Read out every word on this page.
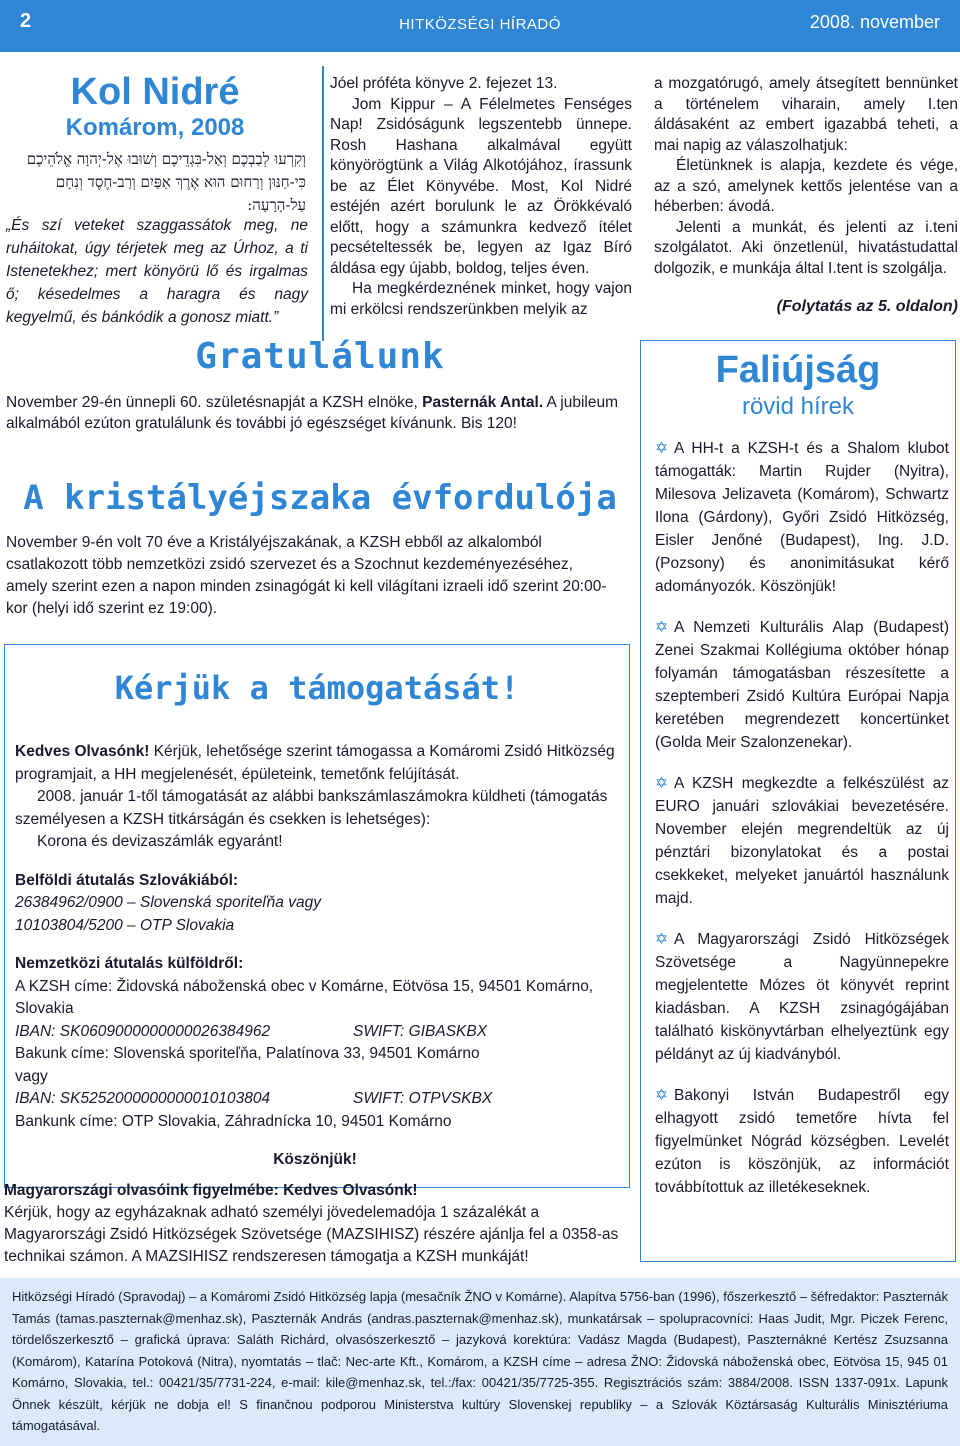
2	HITKÖZSÉGI HÍRADÓ	2008. november
Kol Nidré
Komárom, 2008
וְקִרְעוּ לְבַבְכֶם וְאַל-בִּגְדֵיכֶם וְשׁוּבוּ אֶל-יְהוָה אֱלֹהֵיכֶם כִּי-חַנּוּן וְרַחוּם הוּא אֶרֶךְ אַפַּיִם וְרַב-חֶסֶד וְנִחָם עַל-הָרָעָה:
„És szí veteket szaggassátok meg, ne ruháitokat, úgy térjetek meg az Úrhoz, a ti Istenetekhez; mert könyörü lő és irgalmas ő; késedelmes a haragra és nagy kegyelmű, és bánkódik a gonosz miatt.”

Jóel próféta könyve 2. fejezet 13.

Jom Kippur – A Félelmetes Fenséges Nap! Zsidóságunk legszentebb ünnepe. Rosh Hashana alkalmával együtt könyörögtünk a Világ Alkotójához, írassunk be az Élet Könyvébe. Most, Kol Nidré estéjén azért borulunk le az Örökkévaló előtt, hogy a számunkra kedvező ítélet pecsételtessék be, legyen az Igaz Bíró áldása egy újabb, boldog, teljes éven.

Ha megkérdeznének minket, hogy vajon mi erkölcsi rendszerünkben melyik az

a mozgatórugó, amely átsegített bennünket a történelem viharain, amely I.ten áldásaként az embert igazabbá teheti, a mai napig az válaszolhatjuk:

Életünknek is alapja, kezdete és vége, az a szó, amelynek kettős jelentése van a héberben: ávodá.

Jelenti a munkát, és jelenti az i.teni szolgálatot. Aki önzetlenül, hivatástudattal dolgozik, e munkája által I.tent is szolgálja.

(Folytatás az 5. oldalon)
Gratulálunk
November 29-én ünnepli 60. születésnapját a KZSH elnöke, Pasternák Antal. A jubileum alkalmából ezúton gratulálunk és további jó egészséget kívánunk. Bis 120!
A kristályéjszaka évfordulója
November 9-én volt 70 éve a Kristályéjszakának, a KZSH ebből az alkalomból csatlakozott több nemzetközi zsidó szervezet és a Szochnut kezdeményezéséhez, amely szerint ezen a napon minden zsinagógát ki kell világítani izraeli idő szerint 20:00-kor (helyi idő szerint ez 19:00).
Kérjük a támogatását!

Kedves Olvasónk! Kérjük, lehetősége szerint támogassa a Komáromi Zsidó Hitközség programjait, a HH megjelenését, épületeink, temetőnk felújítását.

2008. január 1-től támogatását az alábbi bankszámlaszámokra küldheti (támogatás személyesen a KZSH titkárságán és csekken is lehetséges):

Korona és devizaszámlák egyaránt!

Belföldi átutalás Szlovákiából:

26384962/0900 – Slovenská sporiteľňa vagy

10103804/5200 – OTP Slovakia

Nemzetközi átutalás külföldről:

A KZSH címe: Židovská náboženská obec v Komárne, Eötvösa 15, 94501 Komárno, Slovakia

IBAN: SK0609000000000026384962	SWIFT: GIBASKBX

Bakunk címe: Slovenská sporiteľňa, Palatínova 33, 94501 Komárno

vagy

IBAN: SK5252000000000010103804	SWIFT: OTPVSKBX

Bankunk címe: OTP Slovakia, Záhradnícka 10, 94501 Komárno

Köszönjük!

Magyarországi olvasóink figyelmébe: Kedves Olvasónk!
Kérjük, hogy az egyházaknak adható személyi jövedelemadója 1 százalékát a Magyarországi Zsidó Hitközségek Szövetsége (MAZSIHISZ) részére ajánlja fel a 0358-as technikai számon. A MAZSIHISZ rendszeresen támogatja a KZSH munkáját!
Faliújság
rövid hírek
✡ A HH-t a KZSH-t és a Shalom klubot támogatták: Martin Rujder (Nyitra), Milesova Jelizaveta (Komárom), Schwartz Ilona (Gárdony), Győri Zsidó Hitközség, Eisler Jenőné (Budapest), Ing. J.D. (Pozsony) és anonimitásukat kérő adományozók. Köszönjük!
✡ A Nemzeti Kulturális Alap (Budapest) Zenei Szakmai Kollégiuma október hónap folyamán támogatásban részesítette a szeptemberi Zsidó Kultúra Európai Napja keretében megrendezett koncertünket (Golda Meir Szalonzenekar).
✡ A KZSH megkezdte a felkészülést az EURO januári szlovákiai bevezetésére. November elején megrendeltük az új pénztári bizonylatokat és a postai csekkeket, melyeket januártól használunk majd.
✡ A Magyarországi Zsidó Hitközségek Szövetsége a Nagyünnepekre megjelentette Mózes öt könyvét reprint kiadásban. A KZSH zsinagógájában található kiskönyvtárban elhelyeztünk egy példányt az új kiadványból.
✡ Bakonyi István Budapestről egy elhagyott zsidó temetőre hívta fel figyelmünket Nógrád községben. Levelét ezúton is köszönjük, az információt továbbítottuk az illetékeseknek.
Hitközségi Híradó (Spravodaj) – a Komáromi Zsidó Hitközség lapja (mesačník ŽNO v Komárne). Alapítva 5756-ban (1996), főszerkesztő – šéfredaktor: Paszternák Tamás (tamas.paszternak@menhaz.sk), Paszternák András (andras.paszternak@menhaz.sk), munkatársak – spolupracovníci: Haas Judit, Mgr. Piczek Ferenc, tördelőszerkesztő – grafická úprava: Saláth Richárd, olvasószerkesztő – jazyková korektúra: Vadász Magda (Budapest), Paszternákné Kertész Zsuzsanna (Komárom), Katarína Potoková (Nitra), nyomtatás – tlač: Nec-arte Kft., Komárom, a KZSH címe – adresa ŽNO: Židovská náboženská obec, Eötvösa 15, 945 01 Komárno, Slovakia, tel.: 00421/35/7731-224, e-mail: kile@menhaz.sk, tel.:/fax: 00421/35/7725-355. Regisztrációs szám: 3884/2008. ISSN 1337-091x. Lapunk Önnek készült, kérjük ne dobja el! S finančnou podporou Ministerstva kultúry Slovenskej republiky – a Szlovák Köztársaság Kulturális Minisztériuma támogatásával.
